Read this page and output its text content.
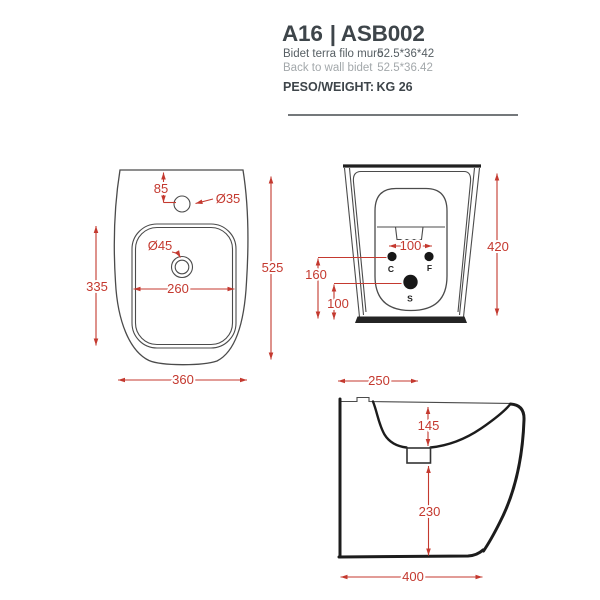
A16 | ASB002
Bidet terra filo muro 52.5*36*42
Back to wall bidet 52.5*36.42
PESO/WEIGHT: KG 26
85
Ø35
Ø45
260
335
525
360
C	F
S
100
160
100
420
250
145
230
400
